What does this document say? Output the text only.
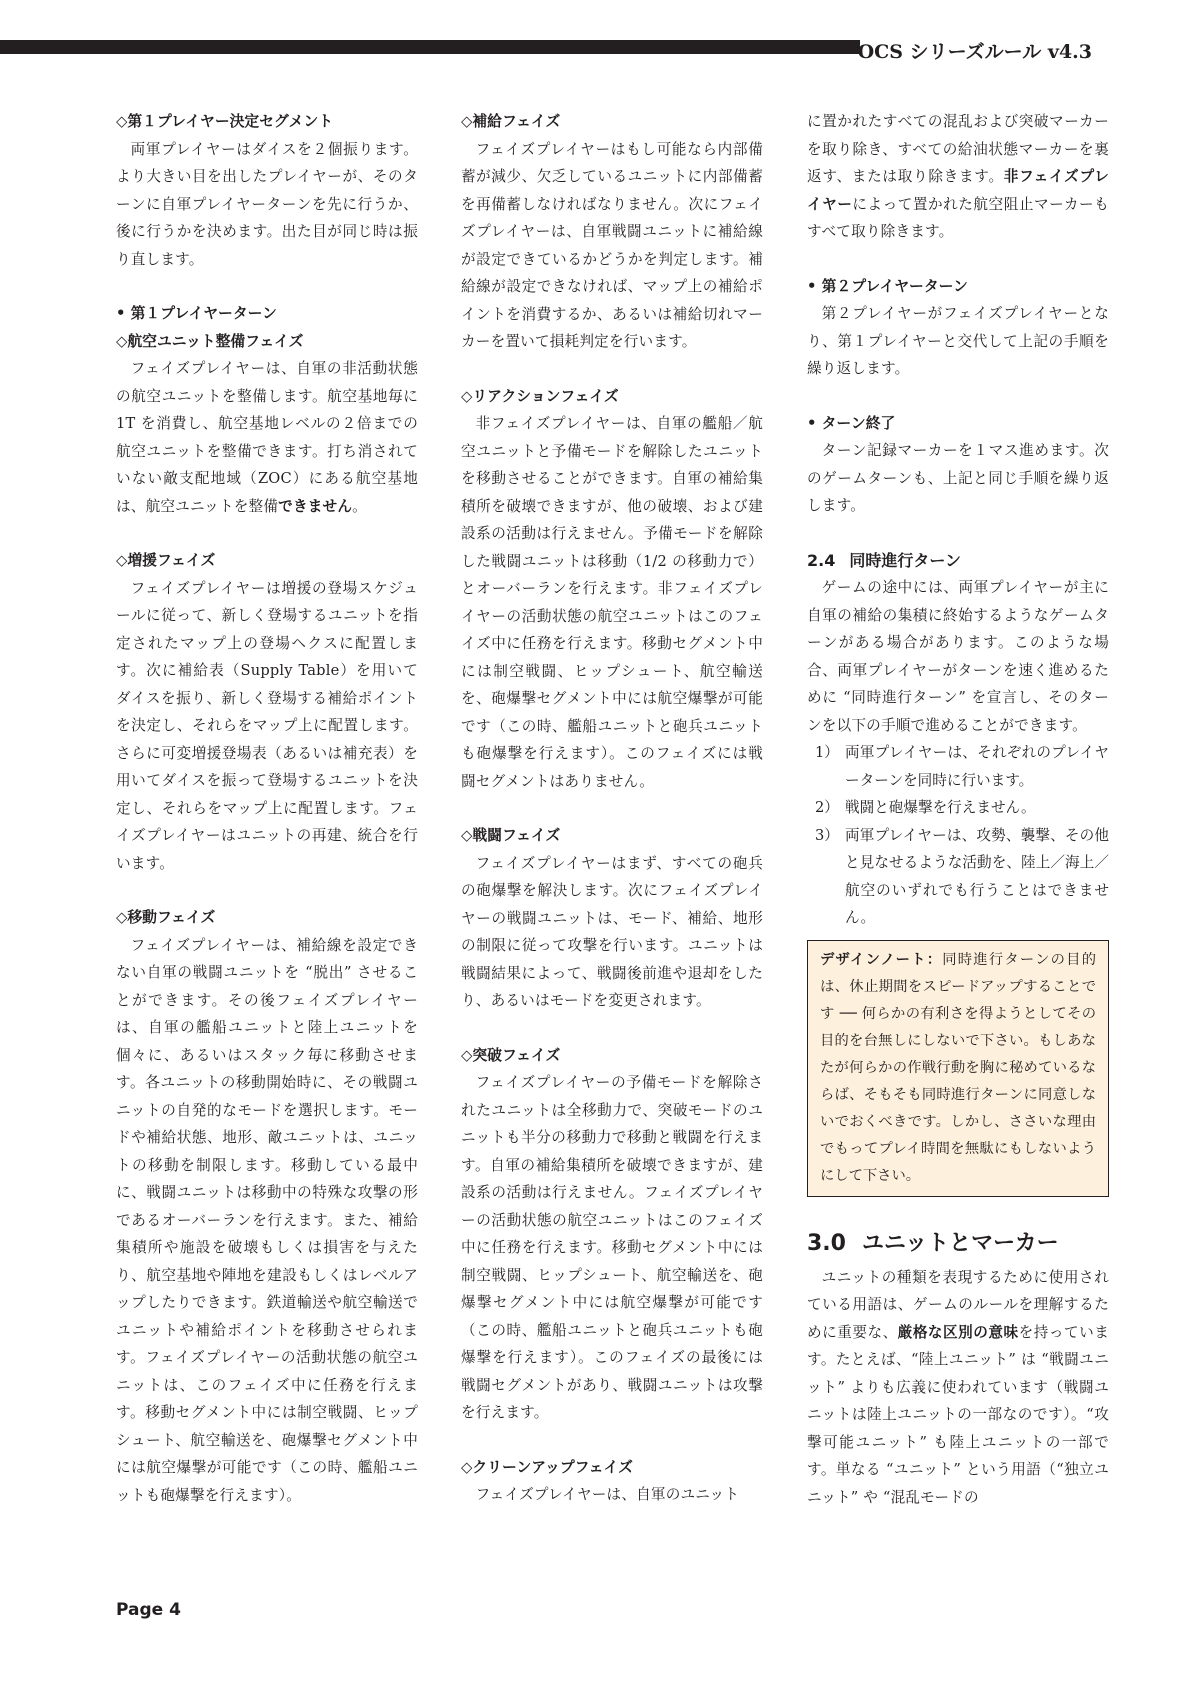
OCS シリーズルール v4.3

◇第１プレイヤー決定セグメント

両軍プレイヤーはダイスを２個振ります。より大きい目を出したプレイヤーが、そのターンに自軍プレイヤーターンを先に行うか、後に行うかを決めます。出た目が同じ時は振り直します。

• 第１プレイヤーターン

◇航空ユニット整備フェイズ

フェイズプレイヤーは、自軍の非活動状態の航空ユニットを整備します。航空基地毎に 1T を消費し、航空基地レベルの２倍までの航空ユニットを整備できます。打ち消されていない敵支配地域（ZOC）にある航空基地は、航空ユニットを整備できません。

◇増援フェイズ

フェイズプレイヤーは増援の登場スケジュールに従って、新しく登場するユニットを指定されたマップ上の登場ヘクスに配置します。次に補給表（Supply Table）を用いてダイスを振り、新しく登場する補給ポイントを決定し、それらをマップ上に配置します。さらに可変増援登場表（あるいは補充表）を用いてダイスを振って登場するユニットを決定し、それらをマップ上に配置します。フェイズプレイヤーはユニットの再建、統合を行います。

◇移動フェイズ

フェイズプレイヤーは、補給線を設定できない自軍の戦闘ユニットを “脱出” させることができます。その後フェイズプレイヤーは、自軍の艦船ユニットと陸上ユニットを個々に、あるいはスタック毎に移動させます。各ユニットの移動開始時に、その戦闘ユニットの自発的なモードを選択します。モードや補給状態、地形、敵ユニットは、ユニットの移動を制限します。移動している最中に、戦闘ユニットは移動中の特殊な攻撃の形であるオーバーランを行えます。また、補給集積所や施設を破壊もしくは損害を与えたり、航空基地や陣地を建設もしくはレベルアップしたりできます。鉄道輸送や航空輸送でユニットや補給ポイントを移動させられます。フェイズプレイヤーの活動状態の航空ユニットは、このフェイズ中に任務を行えます。移動セグメント中には制空戦闘、ヒップシュート、航空輸送を、砲爆撃セグメント中には航空爆撃が可能です（この時、艦船ユニットも砲爆撃を行えます）。

◇補給フェイズ

フェイズプレイヤーはもし可能なら内部備蓄が減少、欠乏しているユニットに内部備蓄を再備蓄しなければなりません。次にフェイズプレイヤーは、自軍戦闘ユニットに補給線が設定できているかどうかを判定します。補給線が設定できなければ、マップ上の補給ポイントを消費するか、あるいは補給切れマーカーを置いて損耗判定を行います。

◇リアクションフェイズ

非フェイズプレイヤーは、自軍の艦船／航空ユニットと予備モードを解除したユニットを移動させることができます。自軍の補給集積所を破壊できますが、他の破壊、および建設系の活動は行えません。予備モードを解除した戦闘ユニットは移動（1/2 の移動力で）とオーバーランを行えます。非フェイズプレイヤーの活動状態の航空ユニットはこのフェイズ中に任務を行えます。移動セグメント中には制空戦闘、ヒップシュート、航空輸送を、砲爆撃セグメント中には航空爆撃が可能です（この時、艦船ユニットと砲兵ユニットも砲爆撃を行えます）。このフェイズには戦闘セグメントはありません。

◇戦闘フェイズ

フェイズプレイヤーはまず、すべての砲兵の砲爆撃を解決します。次にフェイズプレイヤーの戦闘ユニットは、モード、補給、地形の制限に従って攻撃を行います。ユニットは戦闘結果によって、戦闘後前進や退却をしたり、あるいはモードを変更されます。

◇突破フェイズ

フェイズプレイヤーの予備モードを解除されたユニットは全移動力で、突破モードのユニットも半分の移動力で移動と戦闘を行えます。自軍の補給集積所を破壊できますが、建設系の活動は行えません。フェイズプレイヤーの活動状態の航空ユニットはこのフェイズ中に任務を行えます。移動セグメント中には制空戦闘、ヒップシュート、航空輸送を、砲爆撃セグメント中には航空爆撃が可能です（この時、艦船ユニットと砲兵ユニットも砲爆撃を行えます）。このフェイズの最後には戦闘セグメントがあり、戦闘ユニットは攻撃を行えます。

◇クリーンアップフェイズ

フェイズプレイヤーは、自軍のユニット

に置かれたすべての混乱および突破マーカーを取り除き、すべての給油状態マーカーを裏返す、または取り除きます。非フェイズプレイヤーによって置かれた航空阻止マーカーもすべて取り除きます。

• 第２プレイヤーターン

第２プレイヤーがフェイズプレイヤーとなり、第１プレイヤーと交代して上記の手順を繰り返します。

• ターン終了

ターン記録マーカーを１マス進めます。次のゲームターンも、上記と同じ手順を繰り返します。

2.4 同時進行ターン

ゲームの途中には、両軍プレイヤーが主に自軍の補給の集積に終始するようなゲームターンがある場合があります。このような場合、両軍プレイヤーがターンを速く進めるために “同時進行ターン” を宣言し、そのターンを以下の手順で進めることができます。

1） 両軍プレイヤーは、それぞれのプレイヤーターンを同時に行います。
2） 戦闘と砲爆撃を行えません。
3） 両軍プレイヤーは、攻勢、襲撃、その他と見なせるような活動を、陸上／海上／航空のいずれでも行うことはできません。
デザインノート：同時進行ターンの目的は、休止期間をスピードアップすることです ── 何らかの有利さを得ようとしてその目的を台無しにしないで下さい。もしあなたが何らかの作戦行動を胸に秘めているならば、そもそも同時進行ターンに同意しないでおくべきです。しかし、ささいな理由でもってプレイ時間を無駄にもしないようにして下さい。

3.0 ユニットとマーカー

ユニットの種類を表現するために使用されている用語は、ゲームのルールを理解するために重要な、厳格な区別の意味を持っています。たとえば、“陸上ユニット” は “戦闘ユニット” よりも広義に使われています（戦闘ユニットは陸上ユニットの一部なのです）。“攻撃可能ユニット” も陸上ユニットの一部です。単なる “ユニット” という用語（“独立ユニット” や “混乱モードの

Page 4
